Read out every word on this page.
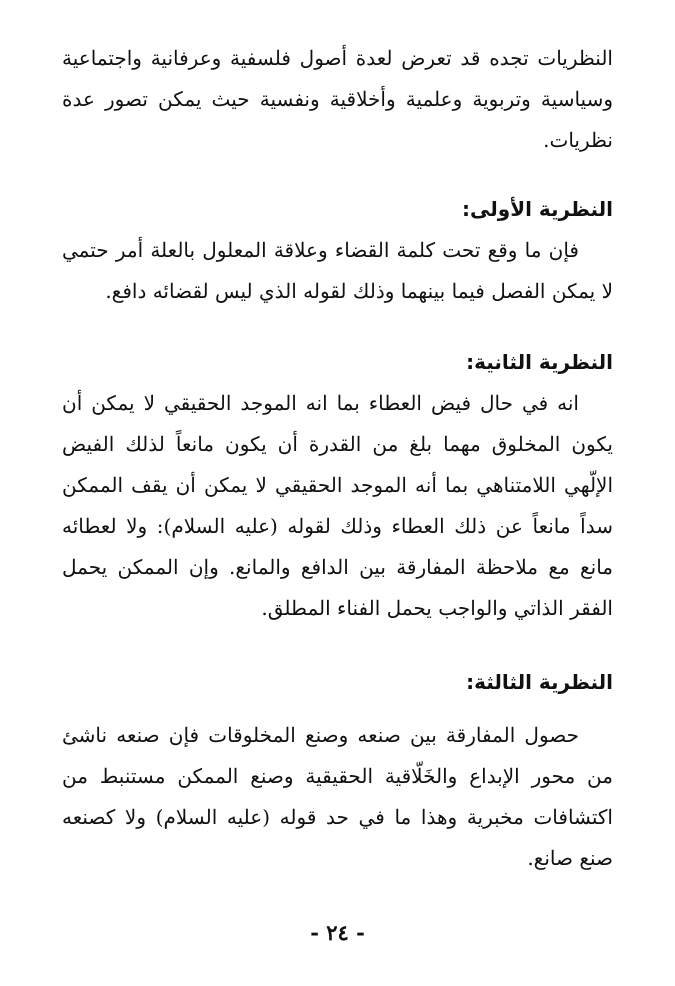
النظريات تجده قد تعرض لعدة أصول فلسفية وعرفانية واجتماعية وسياسية وتربوية وعلمية وأخلاقية ونفسية حيث يمكن تصور عدة نظريات.

النظرية الأولى:

فإن ما وقع تحت كلمة القضاء وعلاقة المعلول بالعلة أمر حتمي لا يمكن الفصل فيما بينهما وذلك لقوله الذي ليس لقضائه دافع.

النظرية الثانية:

انه في حال فيض العطاء بما انه الموجد الحقيقي لا يمكن أن يكون المخلوق مهما بلغ من القدرة أن يكون مانعاً لذلك الفيض الإلّهي اللامتناهي بما أنه الموجد الحقيقي لا يمكن أن يقف الممكن سداً مانعاً عن ذلك العطاء وذلك لقوله (عليه السلام): ولا لعطائه مانع مع ملاحظة المفارقة بين الدافع والمانع. وإن الممكن يحمل الفقر الذاتي والواجب يحمل الفناء المطلق.

النظرية الثالثة:

حصول المفارقة بين صنعه وصنع المخلوقات فإن صنعه ناشئ من محور الإبداع والخَلّاقية الحقيقية وصنع الممكن مستنبط من اكتشافات مخبرية وهذا ما في حد قوله (عليه السلام) ولا كصنعه صنع صانع.

- ٢٤ -
